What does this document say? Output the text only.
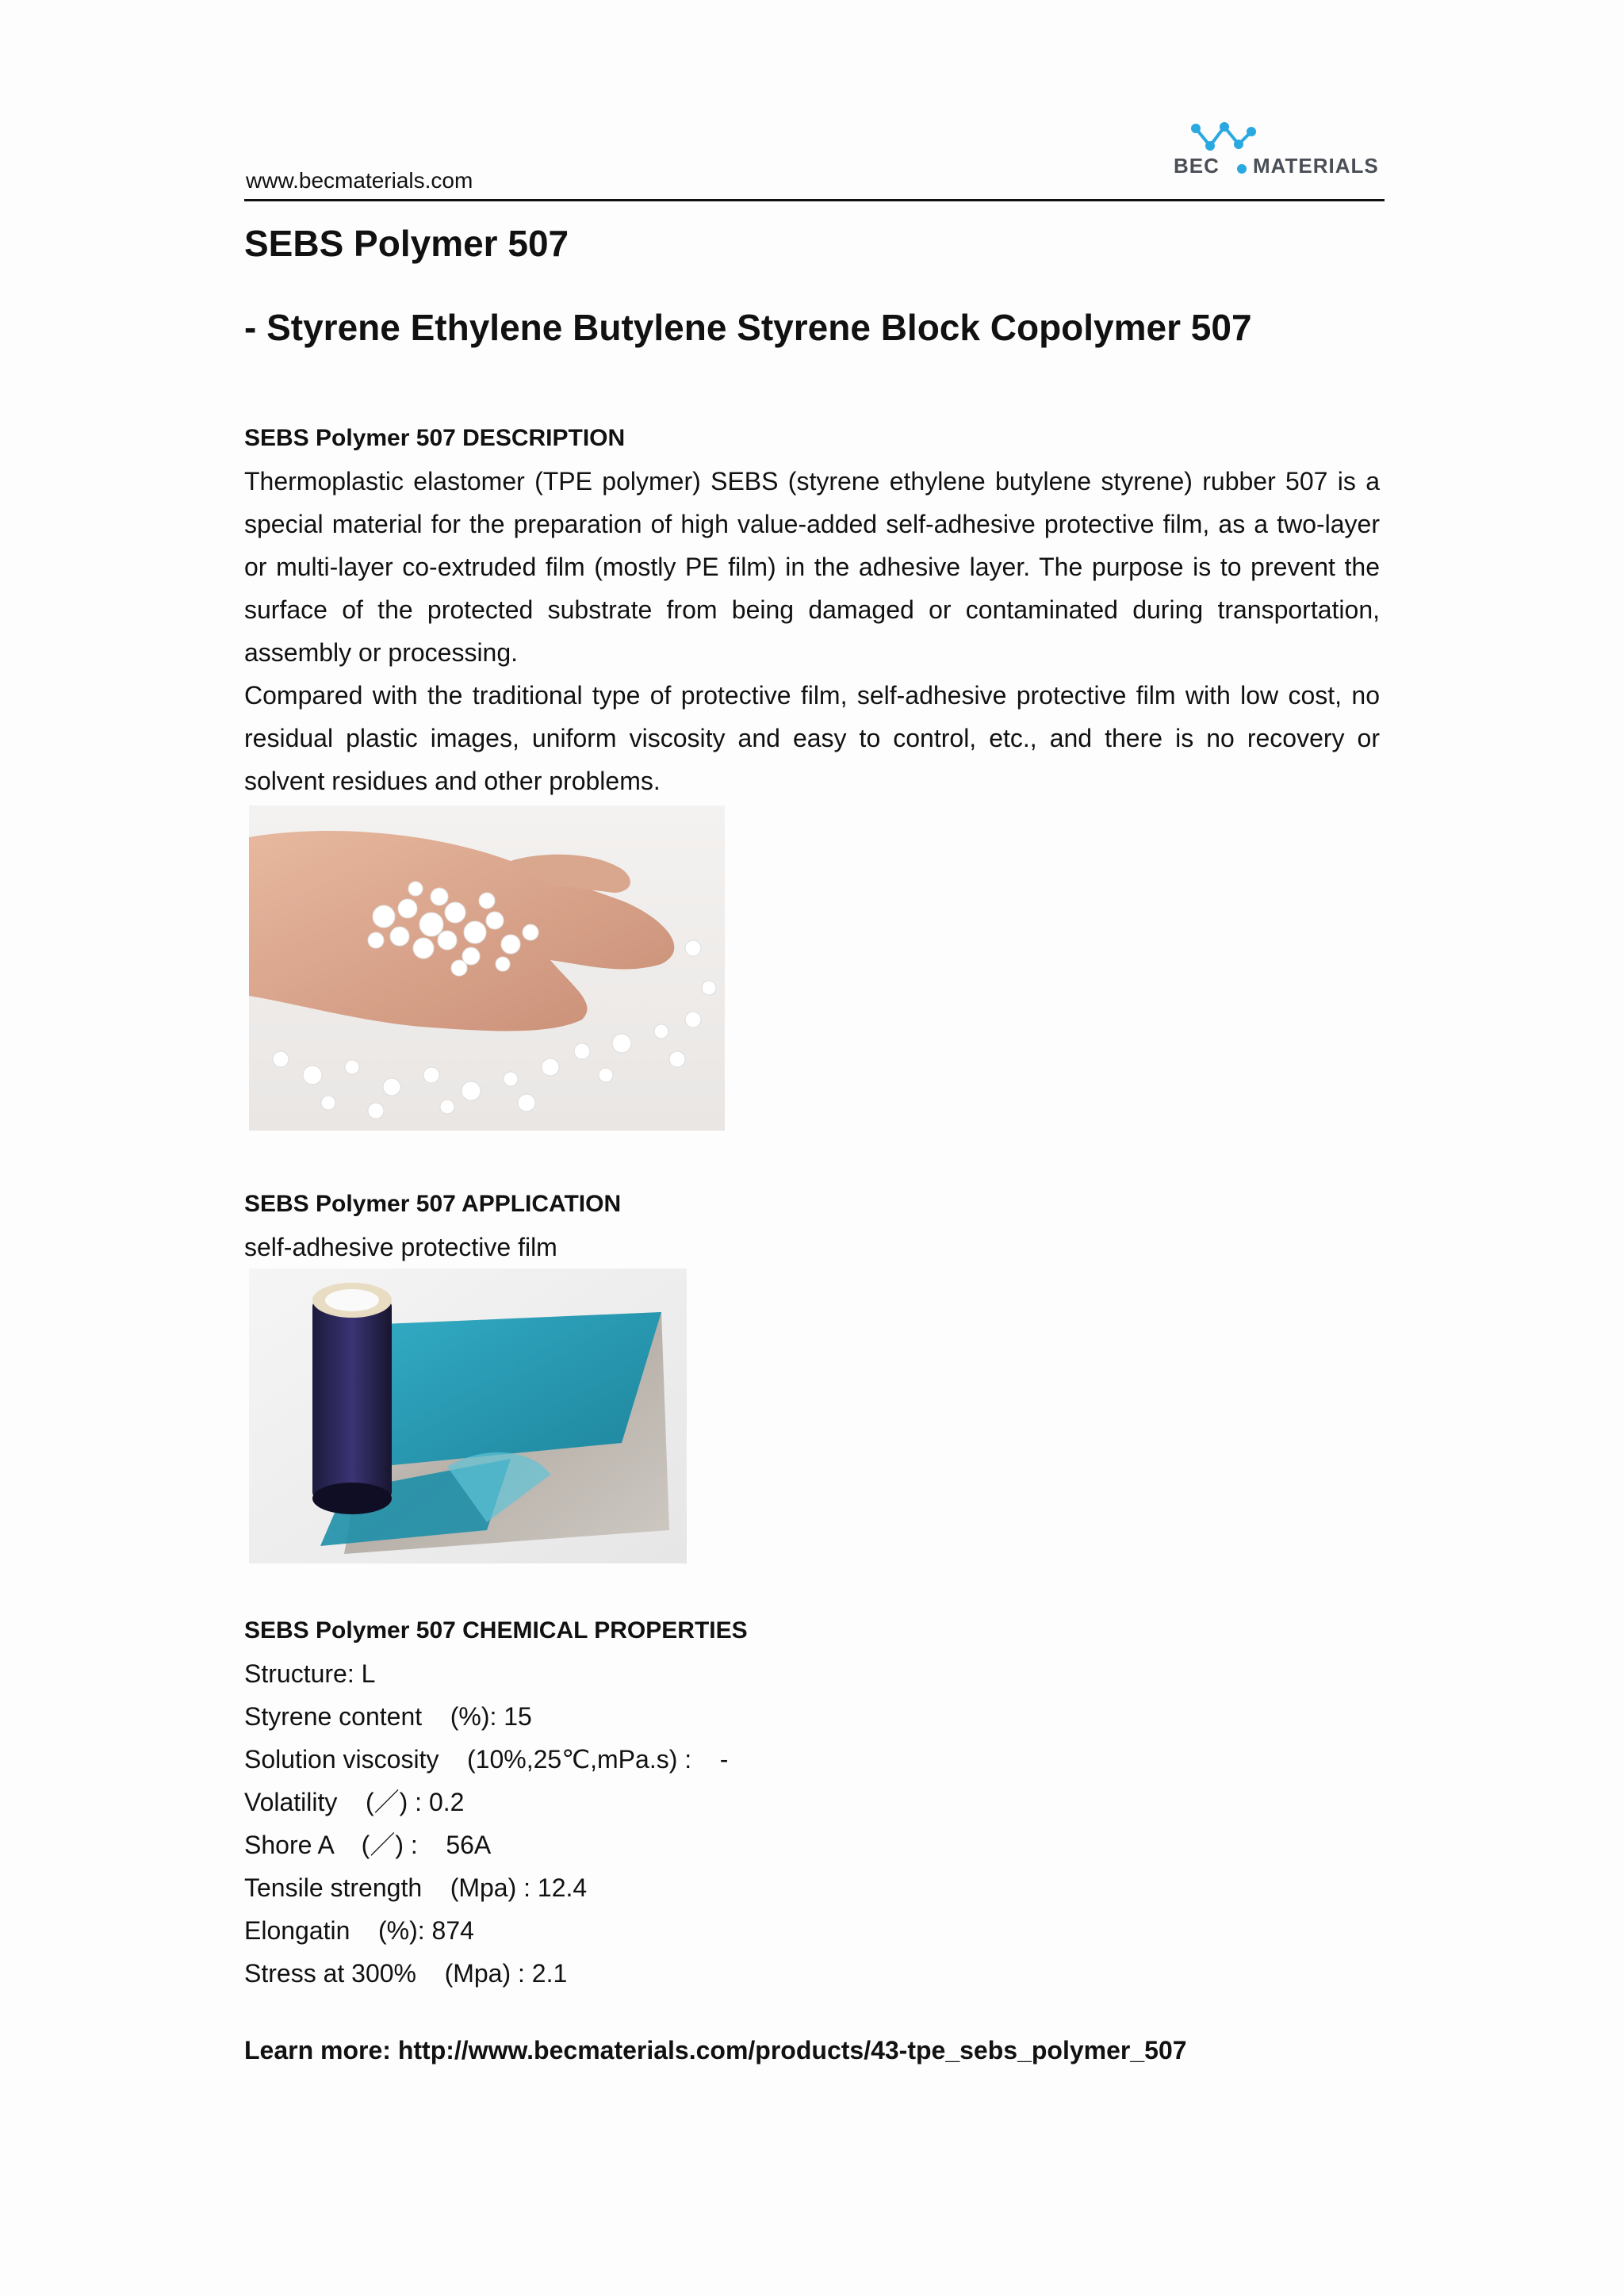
www.becmaterials.com
BEC MATERIALS
SEBS Polymer 507
- Styrene Ethylene Butylene Styrene Block Copolymer 507

SEBS Polymer 507 DESCRIPTION

Thermoplastic elastomer (TPE polymer) SEBS (styrene ethylene butylene styrene) rubber 507 is a special material for the preparation of high value-added self-adhesive protective film, as a two-layer or multi-layer co-extruded film (mostly PE film) in the adhesive layer. The purpose is to prevent the surface of the protected substrate from being damaged or contaminated during transportation, assembly or processing.

Compared with the traditional type of protective film, self-adhesive protective film with low cost, no residual plastic images, uniform viscosity and easy to control, etc., and there is no recovery or solvent residues and other problems.

SEBS Polymer 507 APPLICATION

self-adhesive protective film

SEBS Polymer 507 CHEMICAL PROPERTIES

Structure: L

Styrene content    (%): 15

Solution viscosity    (10%,25℃,mPa.s) :    -

Volatility    (／) : 0.2

Shore A    (／) :    56A

Tensile strength    (Mpa) : 12.4

Elongatin    (%): 874

Stress at 300%    (Mpa) : 2.1

Learn more: http://www.becmaterials.com/products/43-tpe_sebs_polymer_507
